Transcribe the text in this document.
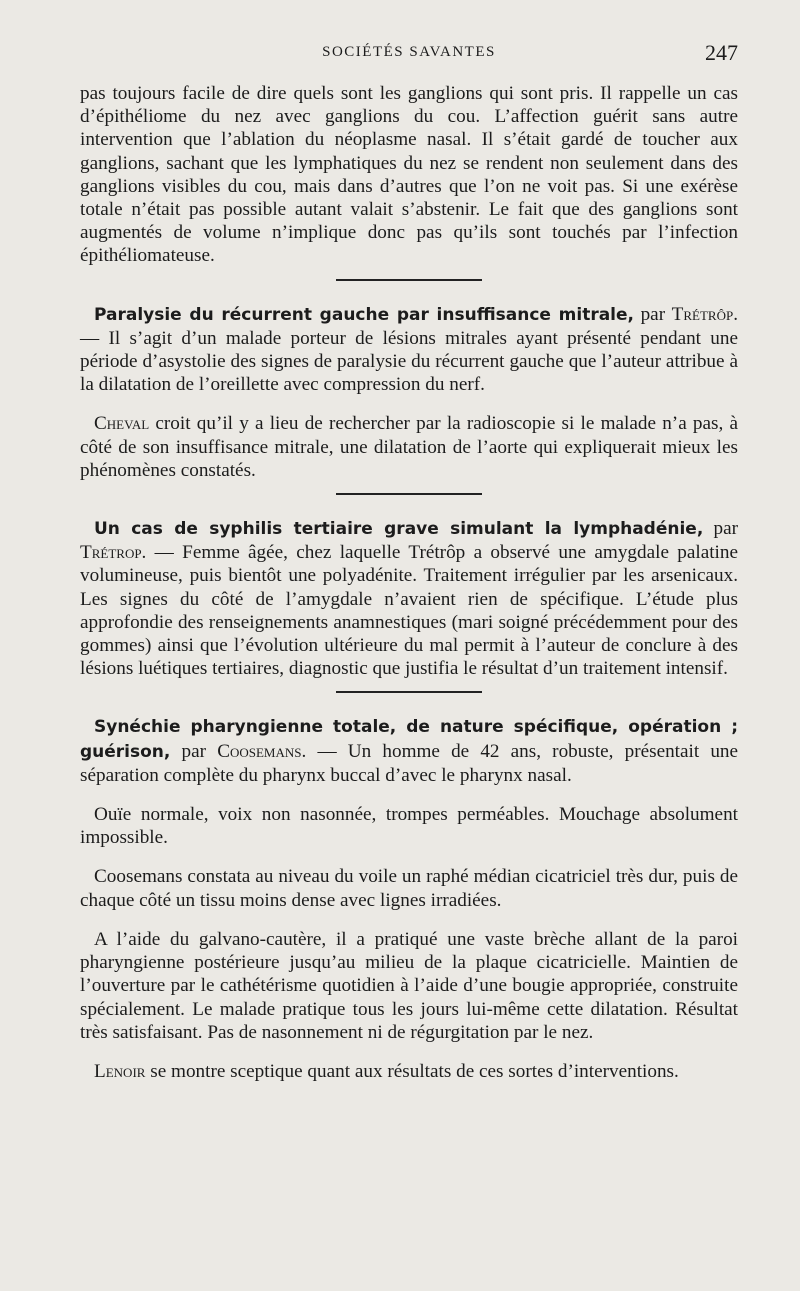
SOCIÉTÉS SAVANTES	247

pas toujours facile de dire quels sont les ganglions qui sont pris. Il rappelle un cas d’épithéliome du nez avec ganglions du cou. L’affection guérit sans autre intervention que l’ablation du néoplasme nasal. Il s’était gardé de toucher aux ganglions, sachant que les lymphatiques du nez se rendent non seulement dans des ganglions visibles du cou, mais dans d’autres que l’on ne voit pas. Si une exérèse totale n’était pas possible autant valait s’abstenir. Le fait que des ganglions sont augmentés de volume n’implique donc pas qu’ils sont touchés par l’infection épithéliomateuse.

Paralysie du récurrent gauche par insuffisance mitrale, par Trétrôp. — Il s’agit d’un malade porteur de lésions mitrales ayant présenté pendant une période d’asystolie des signes de paralysie du récurrent gauche que l’auteur attribue à la dilatation de l’oreillette avec compression du nerf.

Cheval croit qu’il y a lieu de rechercher par la radioscopie si le malade n’a pas, à côté de son insuffisance mitrale, une dilatation de l’aorte qui expliquerait mieux les phénomènes constatés.

Un cas de syphilis tertiaire grave simulant la lymphadénie, par Trétrop. — Femme âgée, chez laquelle Trétrôp a observé une amygdale palatine volumineuse, puis bientôt une polyadénite. Traitement irrégulier par les arsenicaux. Les signes du côté de l’amygdale n’avaient rien de spécifique. L’étude plus approfondie des renseignements anamnestiques (mari soigné précédemment pour des gommes) ainsi que l’évolution ultérieure du mal permit à l’auteur de conclure à des lésions luétiques tertiaires, diagnostic que justifia le résultat d’un traitement intensif.

Synéchie pharyngienne totale, de nature spécifique, opération ; guérison, par Coosemans. — Un homme de 42 ans, robuste, présentait une séparation complète du pharynx buccal d’avec le pharynx nasal.

Ouïe normale, voix non nasonnée, trompes perméables. Mouchage absolument impossible.

Coosemans constata au niveau du voile un raphé médian cicatriciel très dur, puis de chaque côté un tissu moins dense avec lignes irradiées.

A l’aide du galvano-cautère, il a pratiqué une vaste brèche allant de la paroi pharyngienne postérieure jusqu’au milieu de la plaque cicatricielle. Maintien de l’ouverture par le cathétérisme quotidien à l’aide d’une bougie appropriée, construite spécialement. Le malade pratique tous les jours lui-même cette dilatation. Résultat très satisfaisant. Pas de nasonnement ni de régurgitation par le nez.

Lenoir se montre sceptique quant aux résultats de ces sortes d’interventions.
